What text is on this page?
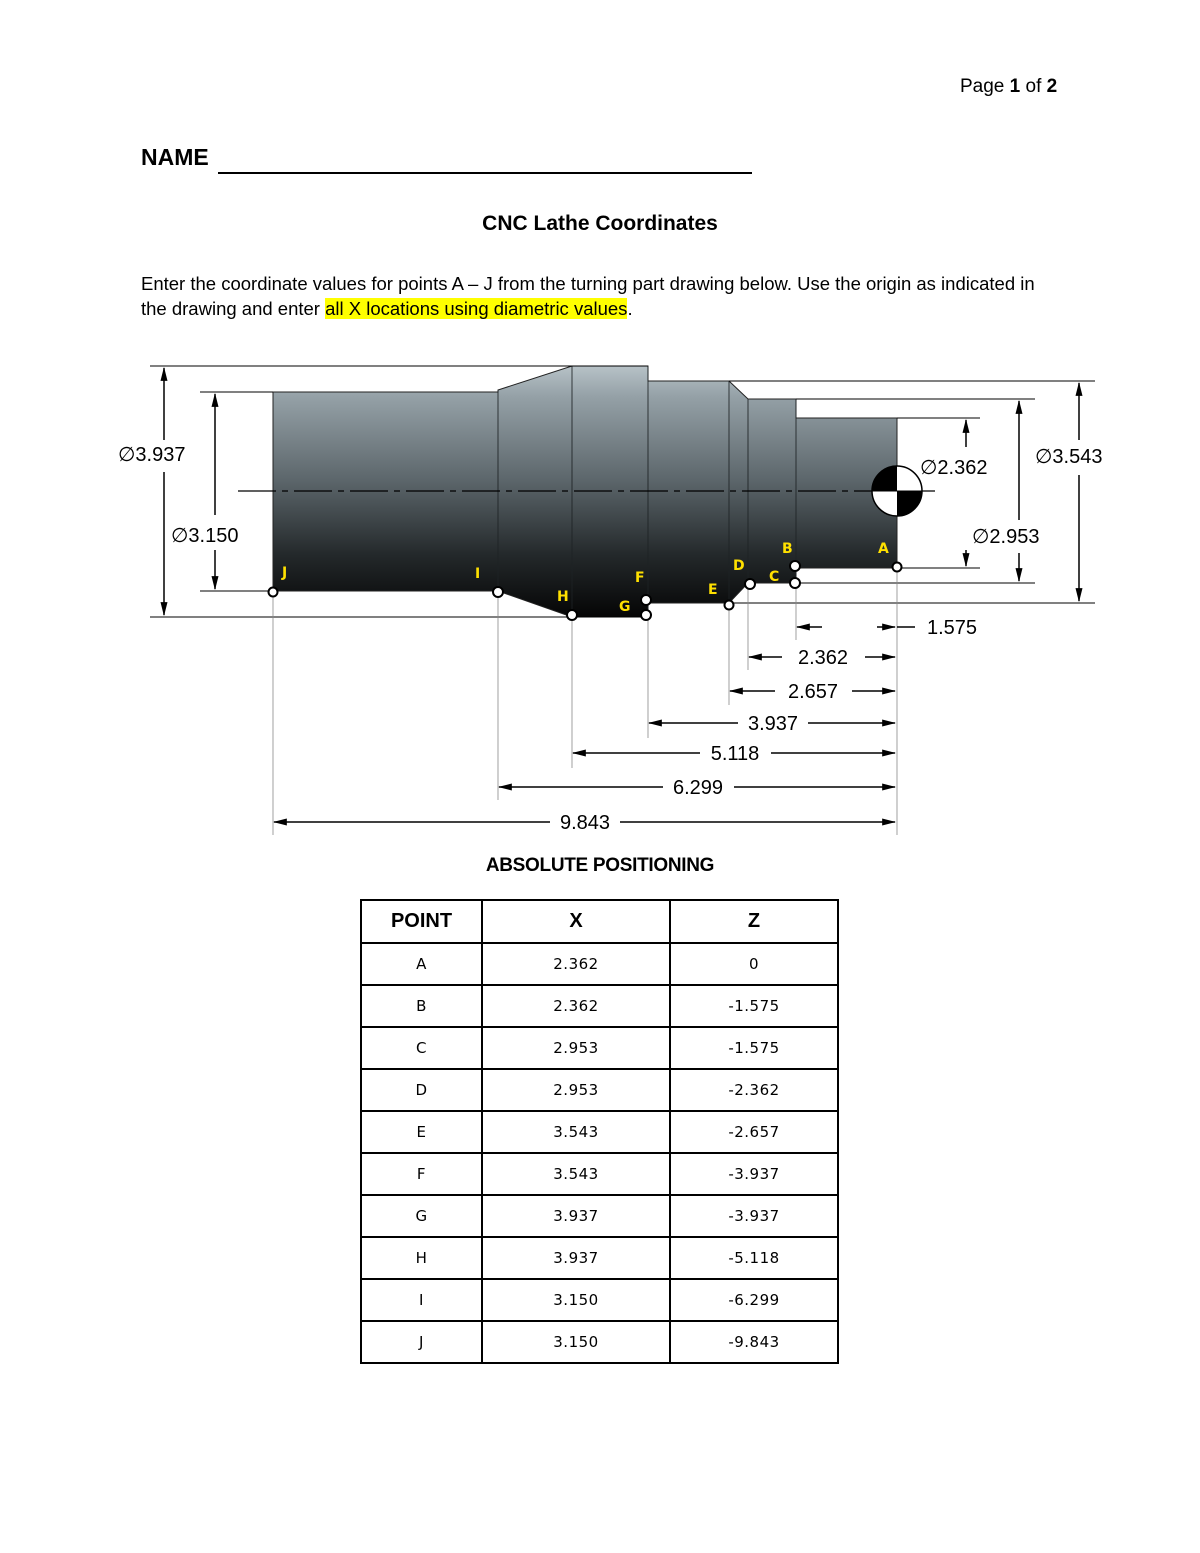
Page 1 of 2
NAME
CNC Lathe Coordinates
Enter the coordinate values for points A – J from the turning part drawing below. Use the origin as indicated in the drawing and enter all X locations using diametric values.
∅3.937
∅3.150
∅2.362
∅2.953
∅3.543
1.575
2.362
2.657
3.937
5.118
6.299
9.843
A
B
C
D
E
F
G
H
I
J
ABSOLUTE POSITIONING
POINT	X	Z
A	2.362	0
B	2.362	-1.575
C	2.953	-1.575
D	2.953	-2.362
E	3.543	-2.657
F	3.543	-3.937
G	3.937	-3.937
H	3.937	-5.118
I	3.150	-6.299
J	3.150	-9.843
